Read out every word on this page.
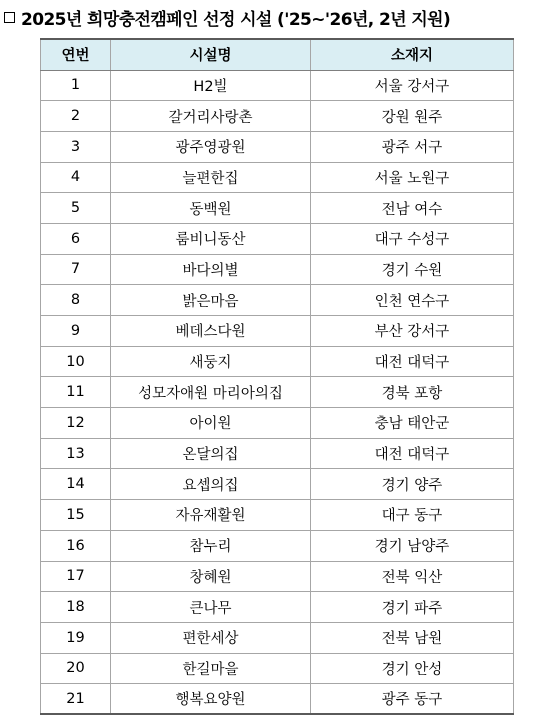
2025년 희망충전캠페인 선정 시설 ('25~'26년, 2년 지원)
연번	시설명	소재지
1	H2빌	서울 강서구
2	갈거리사랑촌	강원 원주
3	광주영광원	광주 서구
4	늘편한집	서울 노원구
5	동백원	전남 여수
6	룸비니동산	대구 수성구
7	바다의별	경기 수원
8	밝은마음	인천 연수구
9	베데스다원	부산 강서구
10	새둥지	대전 대덕구
11	성모자애원 마리아의집	경북 포항
12	아이원	충남 태안군
13	온달의집	대전 대덕구
14	요셉의집	경기 양주
15	자유재활원	대구 동구
16	참누리	경기 남양주
17	창혜원	전북 익산
18	큰나무	경기 파주
19	편한세상	전북 남원
20	한길마을	경기 안성
21	행복요양원	광주 동구
